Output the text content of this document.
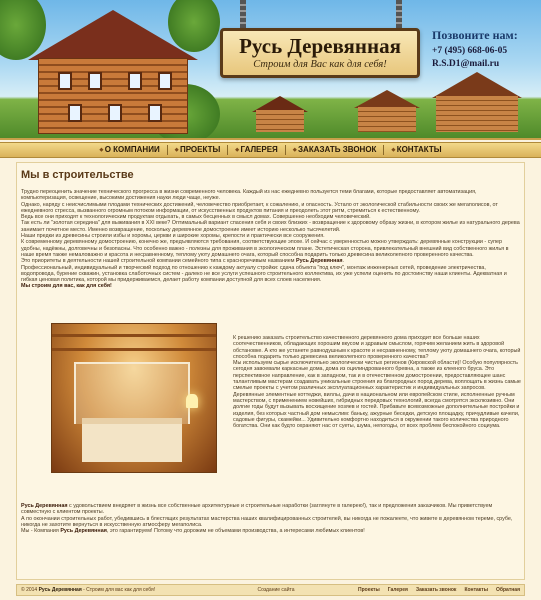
Русь Деревянная
Строим для Вас как для себя!
Позвоните нам:
+7 (495) 668-06-05
R.S.D1@mail.ru
◆ О КОМПАНИИ	◆ ПРОЕКТЫ	◆ ГАЛЕРЕЯ	◆ ЗАКАЗАТЬ ЗВОНОК	◆ КОНТАКТЫ
Мы в строительстве

Трудно переоценить значение технического прогресса в жизни современного человека. Каждый из нас ежедневно пользуется теми благами, которые предоставляет автоматизация, компьютеризация, освещение, высокими достижения науки люди чаще, неуже.

Однако, наряду с неисчислимыми плодами технических достижений, человечество приобретает, к сожалению, и опасность. Устало от экологической стабильности своих же мегаполисов, от ежедневного стресса, вызванного огромным потоком информации, от искусственных продуктов питания и преодолеть этот ритм, стремиться к естественному.

Ведь все они приходят к технологическим продуктам отдыхать, в самых бесценных в смысл домах. Совершенно необходим человеческий.

Так есть ли "золотая середина" для выживания в XXI веке? Оптимальный вариант спасения себя и своих близких - возвращение к здоровому образу жизни, в котором жилье из натурального дерева занимает почетное место. Именно возвращение, поскольку деревянное домостроение имеет историю несколько тысячелетий.

Наши предки из древесины строили избы и хоромы, церкви и широкие хоромы, крепости и практически все сооружения.

К современному деревянному домостроению, конечно же, предъявляются требования, соответствующие эпохе. И сейчас с уверенностью можно утверждать: деревянные конструкции - супер удобны, надёжны, долговечны и безопасны. Что особенно важно - полезны для проживания в экологическом плане. Эстетическая сторона, привлекательный внешний вид собственного жилья в наше время также немаловажно и красота и несравненному, теплому уюту домашнего очага, который способна подарить только древесина великолепного проверенного качества.

Это приоритеты в деятельности нашей строительной компании семейного типа с красноречивым названием Русь Деревянная.

Профессиональный, индивидуальный и творческий подход по отношению к каждому актуалу стройки: сдача объекта "под ключ", монтаж инженерных сетей, проведение электричества, водопровода, бурение скважин, установка слаботочных систем - далеко не все услуги успешного строительного коллектива, их уже успели оценить по достоинству наши клиенты. Адекватная и гибкая ценовая политика, которой мы придерживаемся, делает работу компании доступной для всех слоев населения.

Мы строим для вас, как для себя!

К решению заказать строительство качественного деревянного дома приходит все больше наших соотечественников, обладающих хорошим вкусом и здравым смыслом, горячим желанием жить в здоровой обстановке. А кто же устанете равнодушным к красоте и несравненному, теплому уюту домашнего очага, который способна подарить только древесина великолепного проверенного качества?

Мы используем сырье исключительно экологически чистых регионов (Кировской области)! Особую популярность сегодня завоевали каркасные дома, дома из оцилиндрованного бревна, а также из клееного бруса. Это перспективное направление, как в западном, так и в отечественном домостроении, предоставляющее шанс талантливым мастерам создавать уникальные строения из благородных пород дерева, воплощать в жизнь самые смелые проекты с учетом различных эксплуатационных характеристик и индивидуальных запросов.

Деревянные элементные коттеджи, виллы, дачи в национальном или европейском стиле, исполненные ручным мастерством, с применением новейших, гибридных передовых технологий, всегда смотрятся эксклюзивно. Они долгие годы будут вызывать восхищение хозяев и гостей. Прибавьте всевозможные дополнительные постройки и изделия, без которых частный дом немыслим: баньку, ажурные беседки, детскую площадку, причудливые качели, садовые фигуры, скамейки... Удивительно комфортно находиться в окружении такого количества природного богатства. Они как будто охраняют нас от суеты, шума, непогоды, от всех проблем беспокойного социума.

Русь Деревянная с удовольствием внедряет в жизнь все собственные архитектурные и строительные наработки (заглянуте в галерею!), так и предложения заказчиков. Мы приветствуем совместную с клиентом проекты.

А по окончании строительных работ, убедившись в блестящих результатах мастерства наших квалифицированных строителей, вы никогда не пожалеете, что живете в деревянном тереме, срубе, никогда не захотите вернуться в искусственную атмосферу мегаполиса.

Мы - Компания Русь Деревянная, это гарантируем! Потому что дорожим не объемами производства, а интересами любимых клиентов!

© 2014 Русь Деревянная - Строим для вас как для себя!	Создание сайта	Проекты Галерея Заказать звонок Контакты Обратная
